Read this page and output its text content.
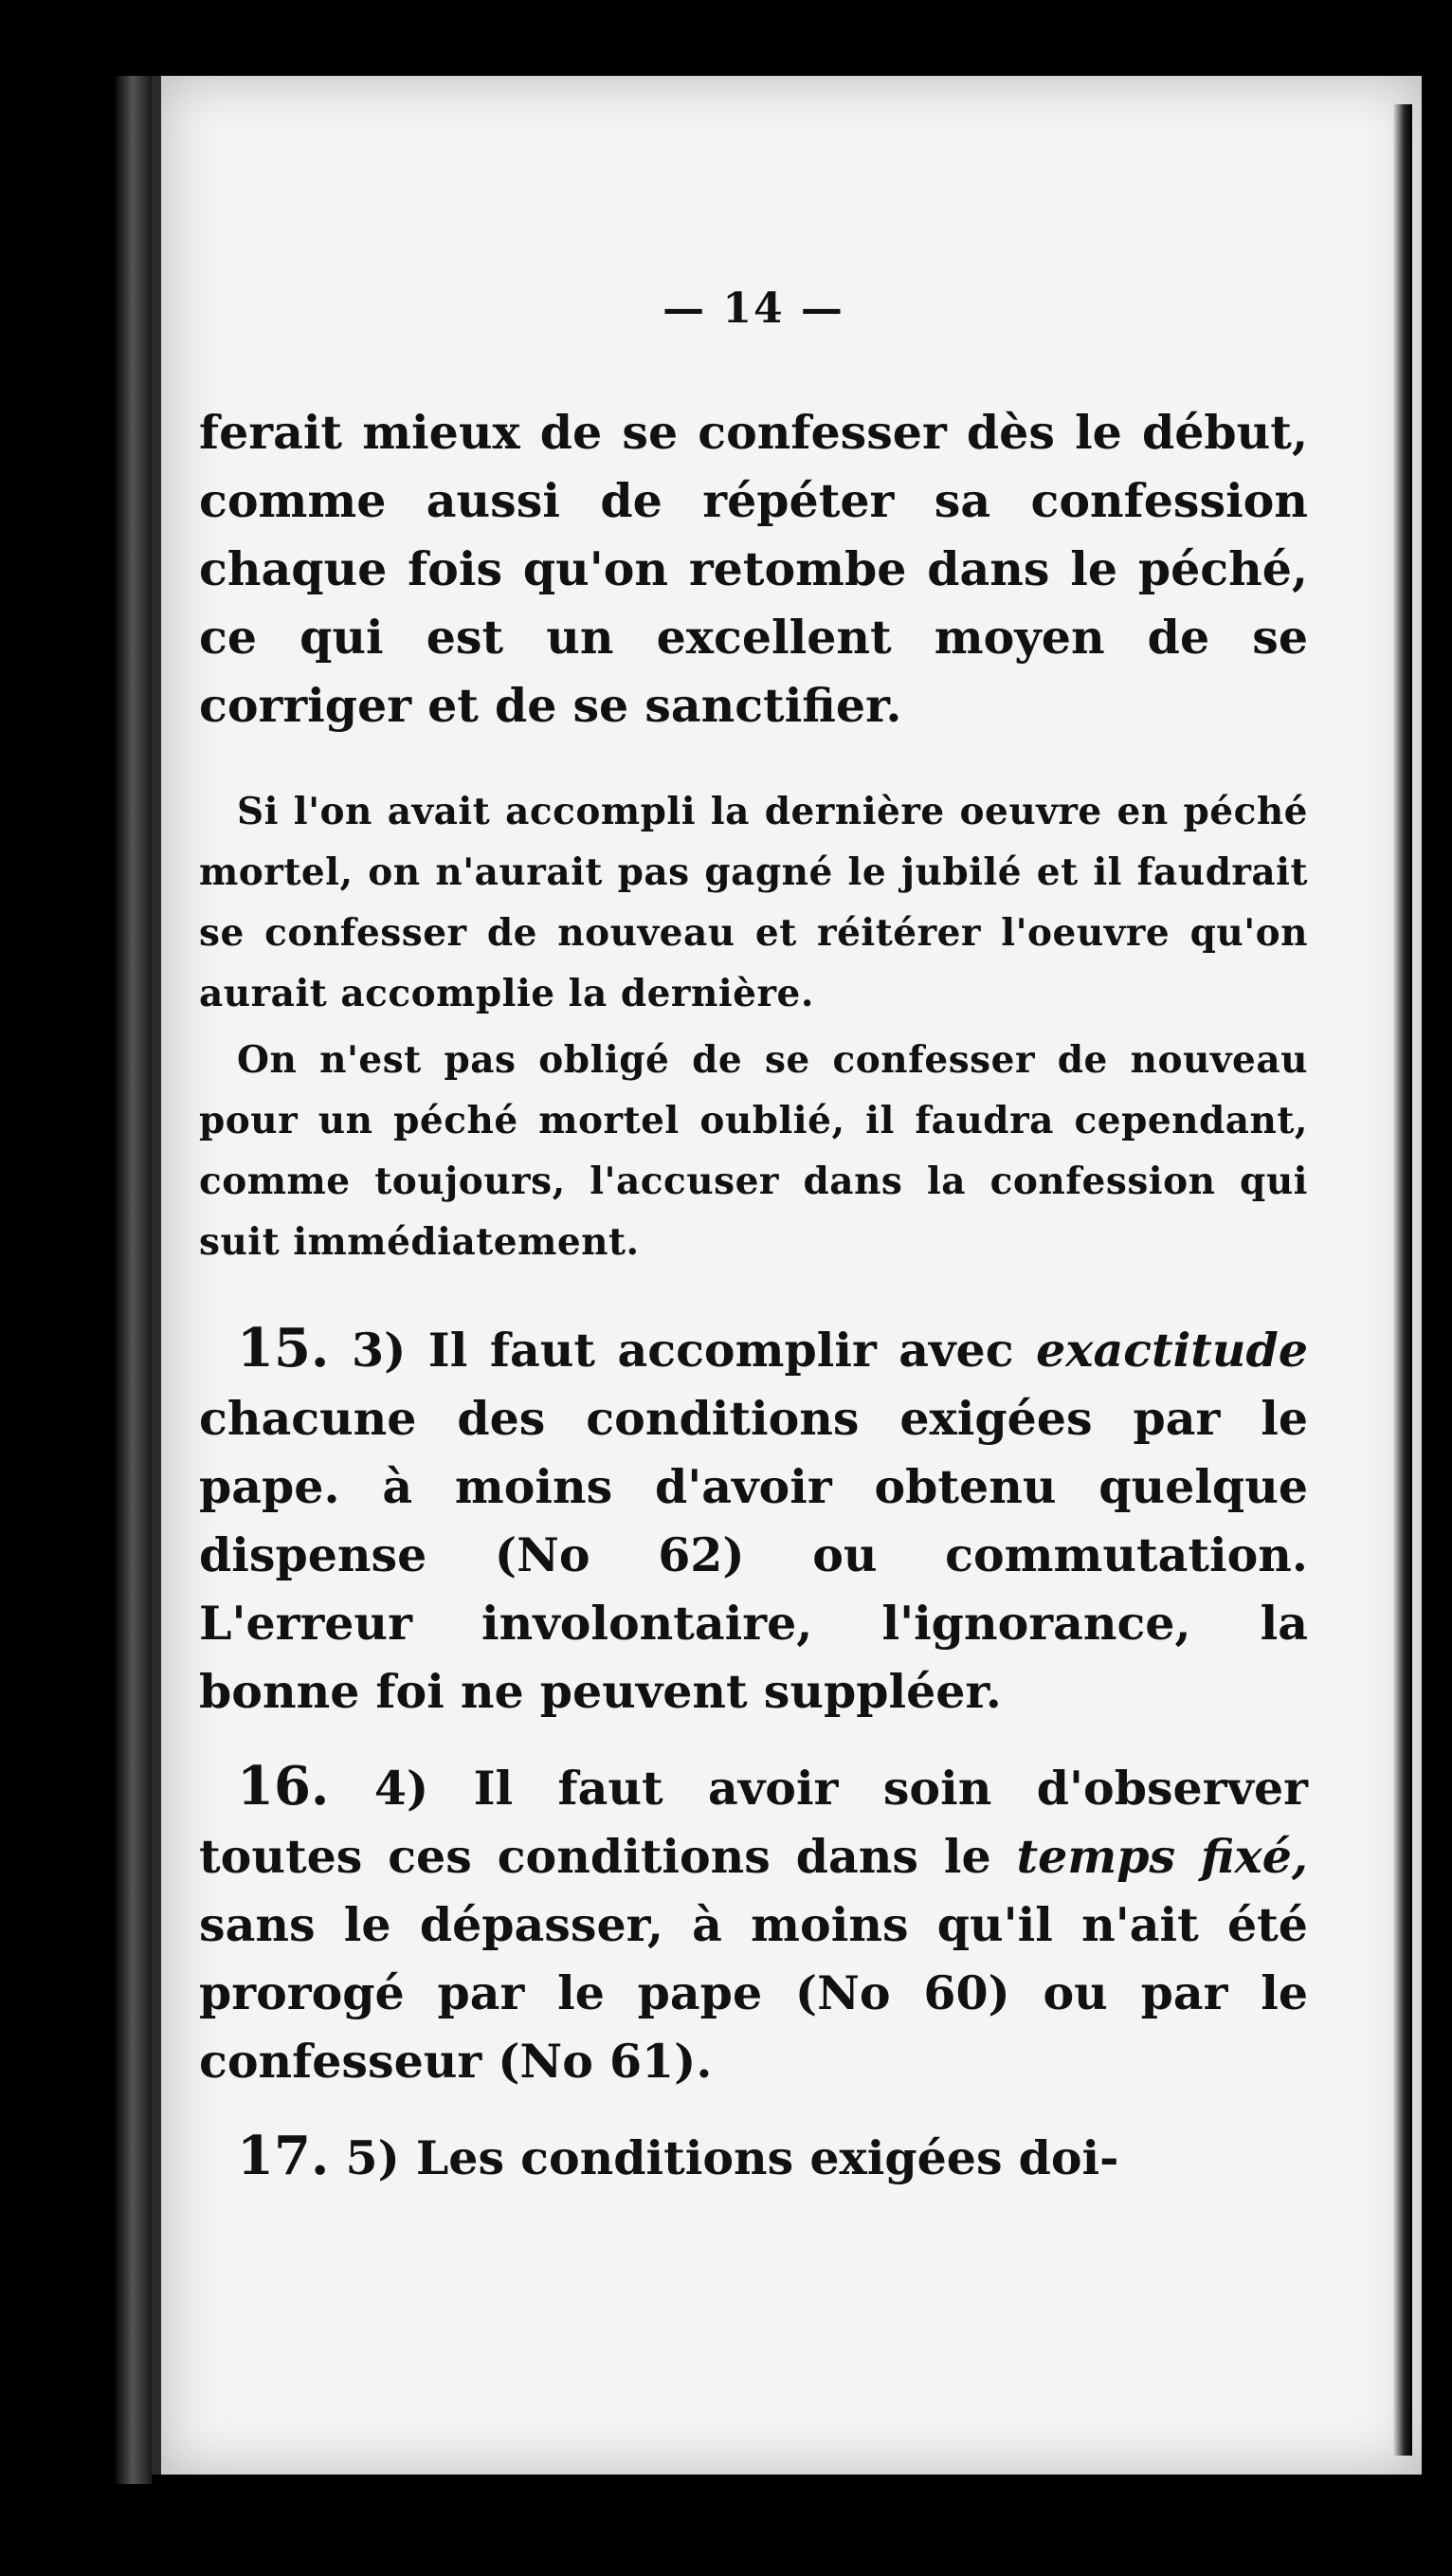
— 14 —

ferait mieux de se confesser dès le début, comme aussi de répéter sa confession chaque fois qu'on retombe dans le péché, ce qui est un excellent moyen de se corriger et de se sanctifier.

Si l'on avait accompli la dernière oeuvre en péché mortel, on n'aurait pas gagné le jubilé et il faudrait se confesser de nouveau et réitérer l'oeuvre qu'on aurait accomplie la dernière.

On n'est pas obligé de se confesser de nouveau pour un péché mortel oublié, il faudra cependant, comme toujours, l'accuser dans la confession qui suit immédiatement.

15. 3) Il faut accomplir avec exactitude chacune des conditions exigées par le pape. à moins d'avoir obtenu quelque dispense (No 62) ou commutation. L'erreur involontaire, l'ignorance, la bonne foi ne peuvent suppléer.

16. 4) Il faut avoir soin d'observer toutes ces conditions dans le temps fixé, sans le dépasser, à moins qu'il n'ait été prorogé par le pape (No 60) ou par le confesseur (No 61).

17. 5) Les conditions exigées doi-
